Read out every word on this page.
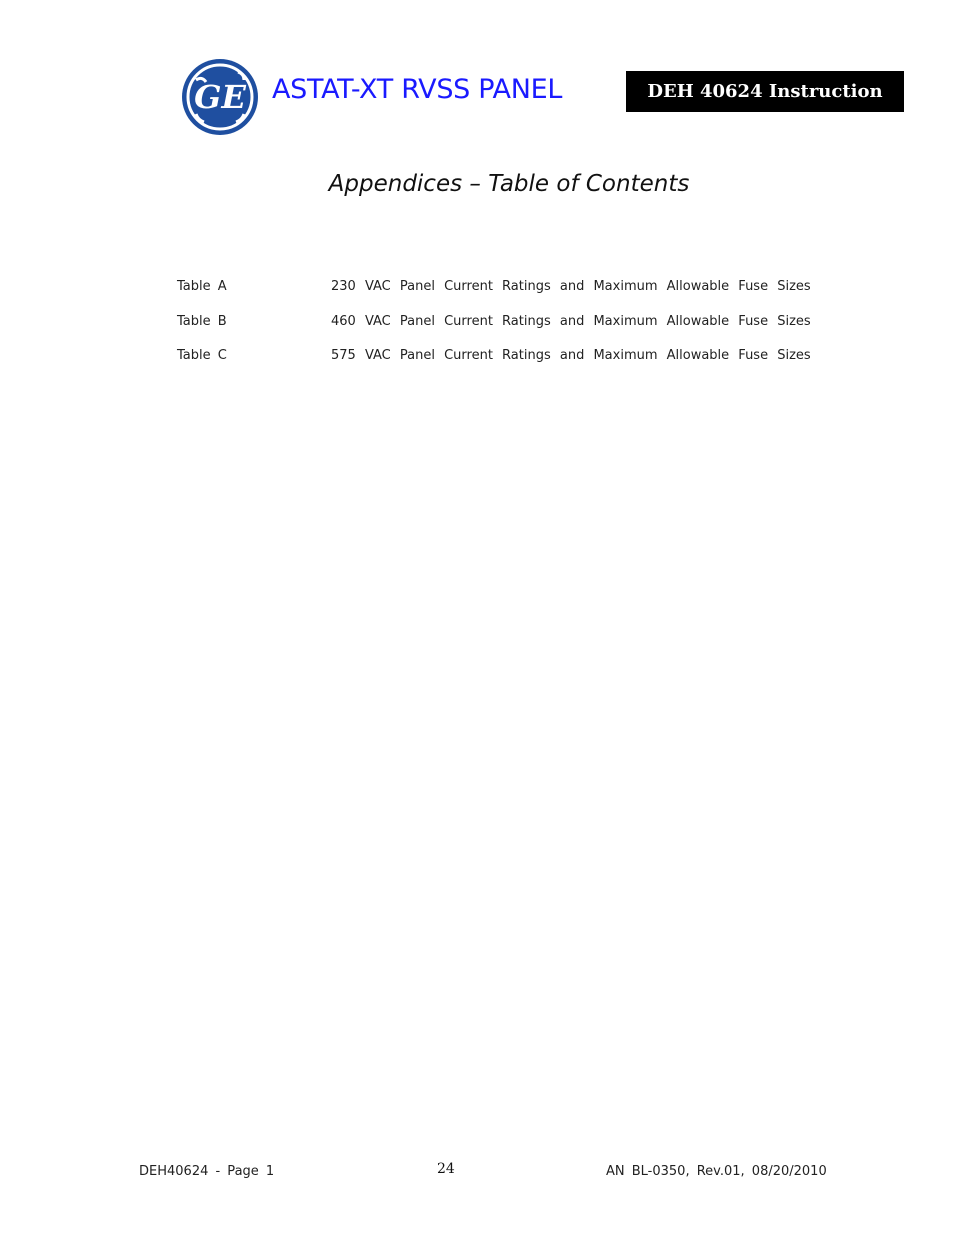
GE ASTAT-XT RVSS PANEL	DEH 40624 Instruction
Appendices – Table of Contents
Table A	230 VAC Panel Current Ratings and Maximum Allowable Fuse Sizes
Table B	460 VAC Panel Current Ratings and Maximum Allowable Fuse Sizes
Table C	575 VAC Panel Current Ratings and Maximum Allowable Fuse Sizes
DEH40624 - Page 1	24	AN BL-0350, Rev.01, 08/20/2010
